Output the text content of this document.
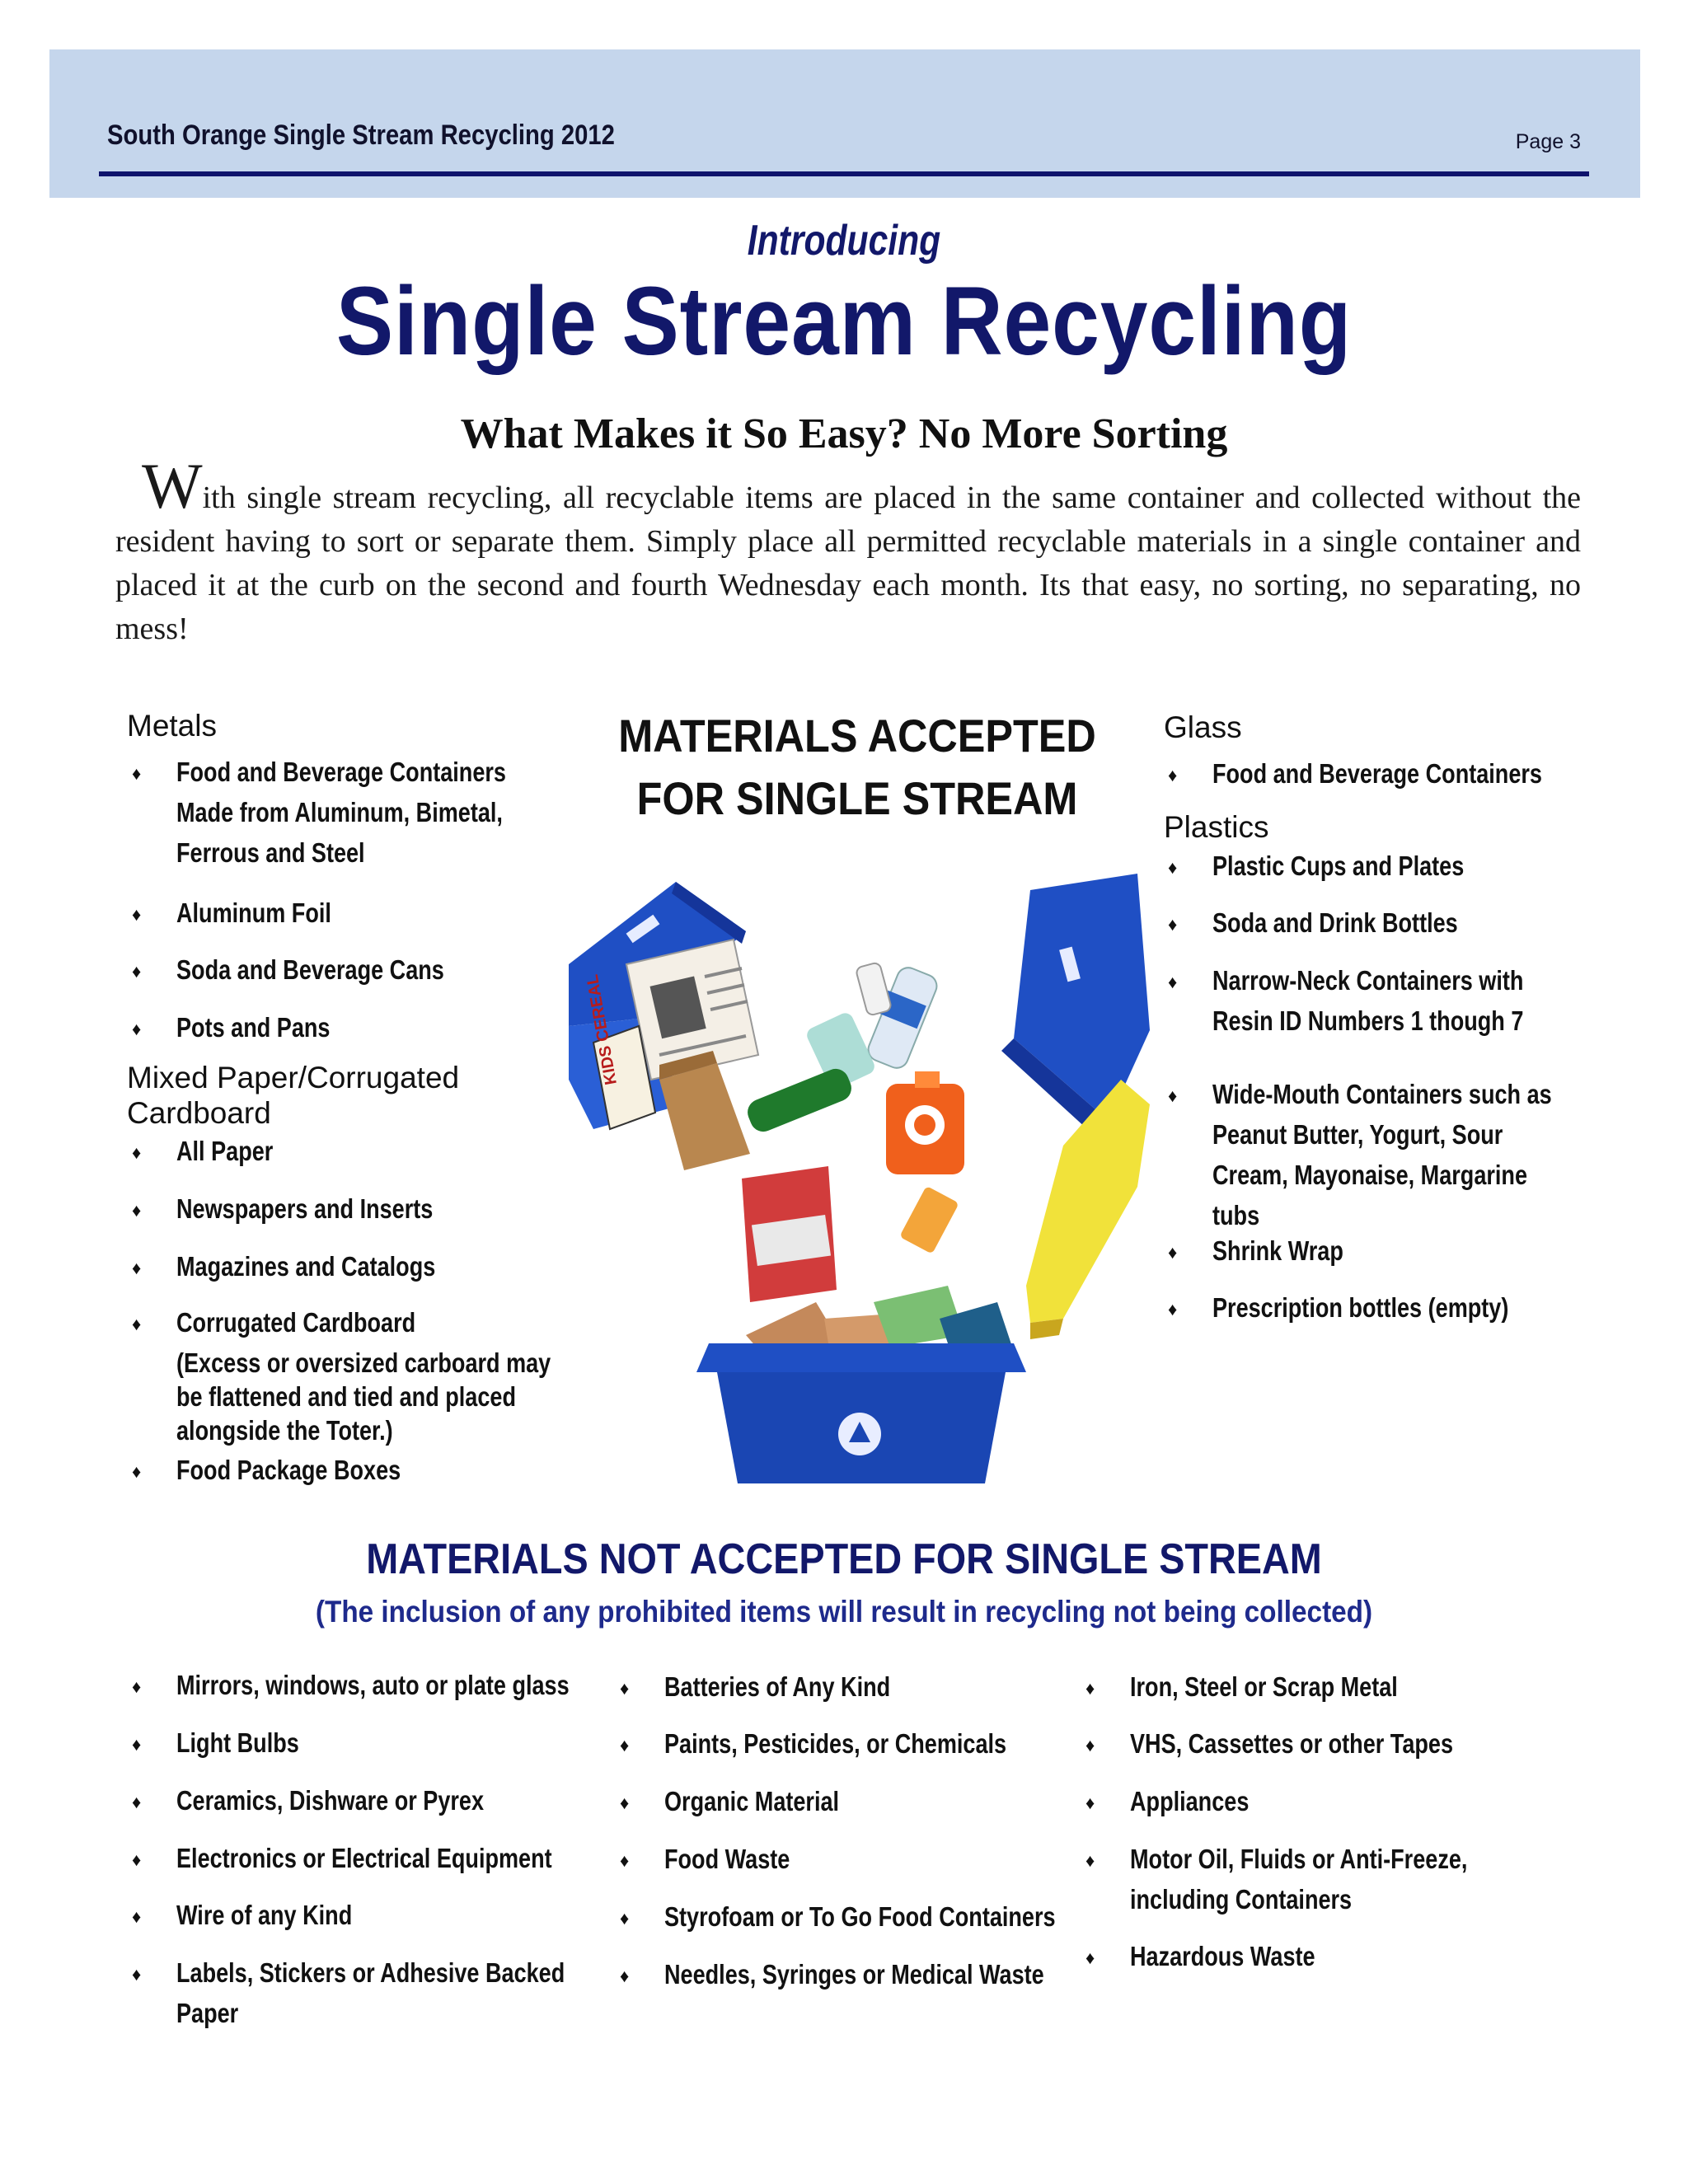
South Orange Single Stream Recycling 2012	Page 3
Introducing
Single Stream Recycling
What Makes it So Easy? No More Sorting

With single stream recycling, all recyclable items are placed in the same container and collected without the resident having to sort or separate them. Simply place all permitted recyclable materials in a single container and placed it at the curb on the second and fourth Wednesday each month. Its that easy, no sorting, no separating, no mess!

Metals
Mixed Paper/Corrugated
Cardboard
Glass
Plastics
♦ Food and Beverage Containers
Made from Aluminum, Bimetal,
Ferrous and Steel
♦ Aluminum Foil
♦ Soda and Beverage Cans
♦ Pots and Pans
♦ All Paper
♦ Newspapers and Inserts
♦ Magazines and Catalogs
♦ Corrugated Cardboard
(Excess or oversized carboard may
be flattened and tied and placed
alongside the Toter.)
♦ Food Package Boxes
♦ Food and Beverage Containers
♦ Plastic Cups and Plates
♦ Soda and Drink Bottles
♦ Narrow-Neck Containers with
Resin ID Numbers 1 though 7
♦ Wide-Mouth Containers such as
Peanut Butter, Yogurt, Sour
Cream, Mayonaise, Margarine
tubs
♦ Shrink Wrap
♦ Prescription bottles (empty)
♦ Mirrors, windows, auto or plate glass
♦ Light Bulbs
♦ Ceramics, Dishware or Pyrex
♦ Electronics or Electrical Equipment
♦ Wire of any Kind
♦ Labels, Stickers or Adhesive Backed
Paper
♦ Batteries of Any Kind
♦ Paints, Pesticides, or Chemicals
♦ Organic Material
♦ Food Waste
♦ Styrofoam or To Go Food Containers
♦ Needles, Syringes or Medical Waste
♦ Iron, Steel or Scrap Metal
♦ VHS, Cassettes or other Tapes
♦ Appliances
♦ Motor Oil, Fluids or Anti-Freeze,
including Containers
♦ Hazardous Waste
MATERIALS ACCEPTED
FOR SINGLE STREAM
KIDS CEREAL
MATERIALS NOT ACCEPTED FOR SINGLE STREAM
(The inclusion of any prohibited items will result in recycling not being collected)
